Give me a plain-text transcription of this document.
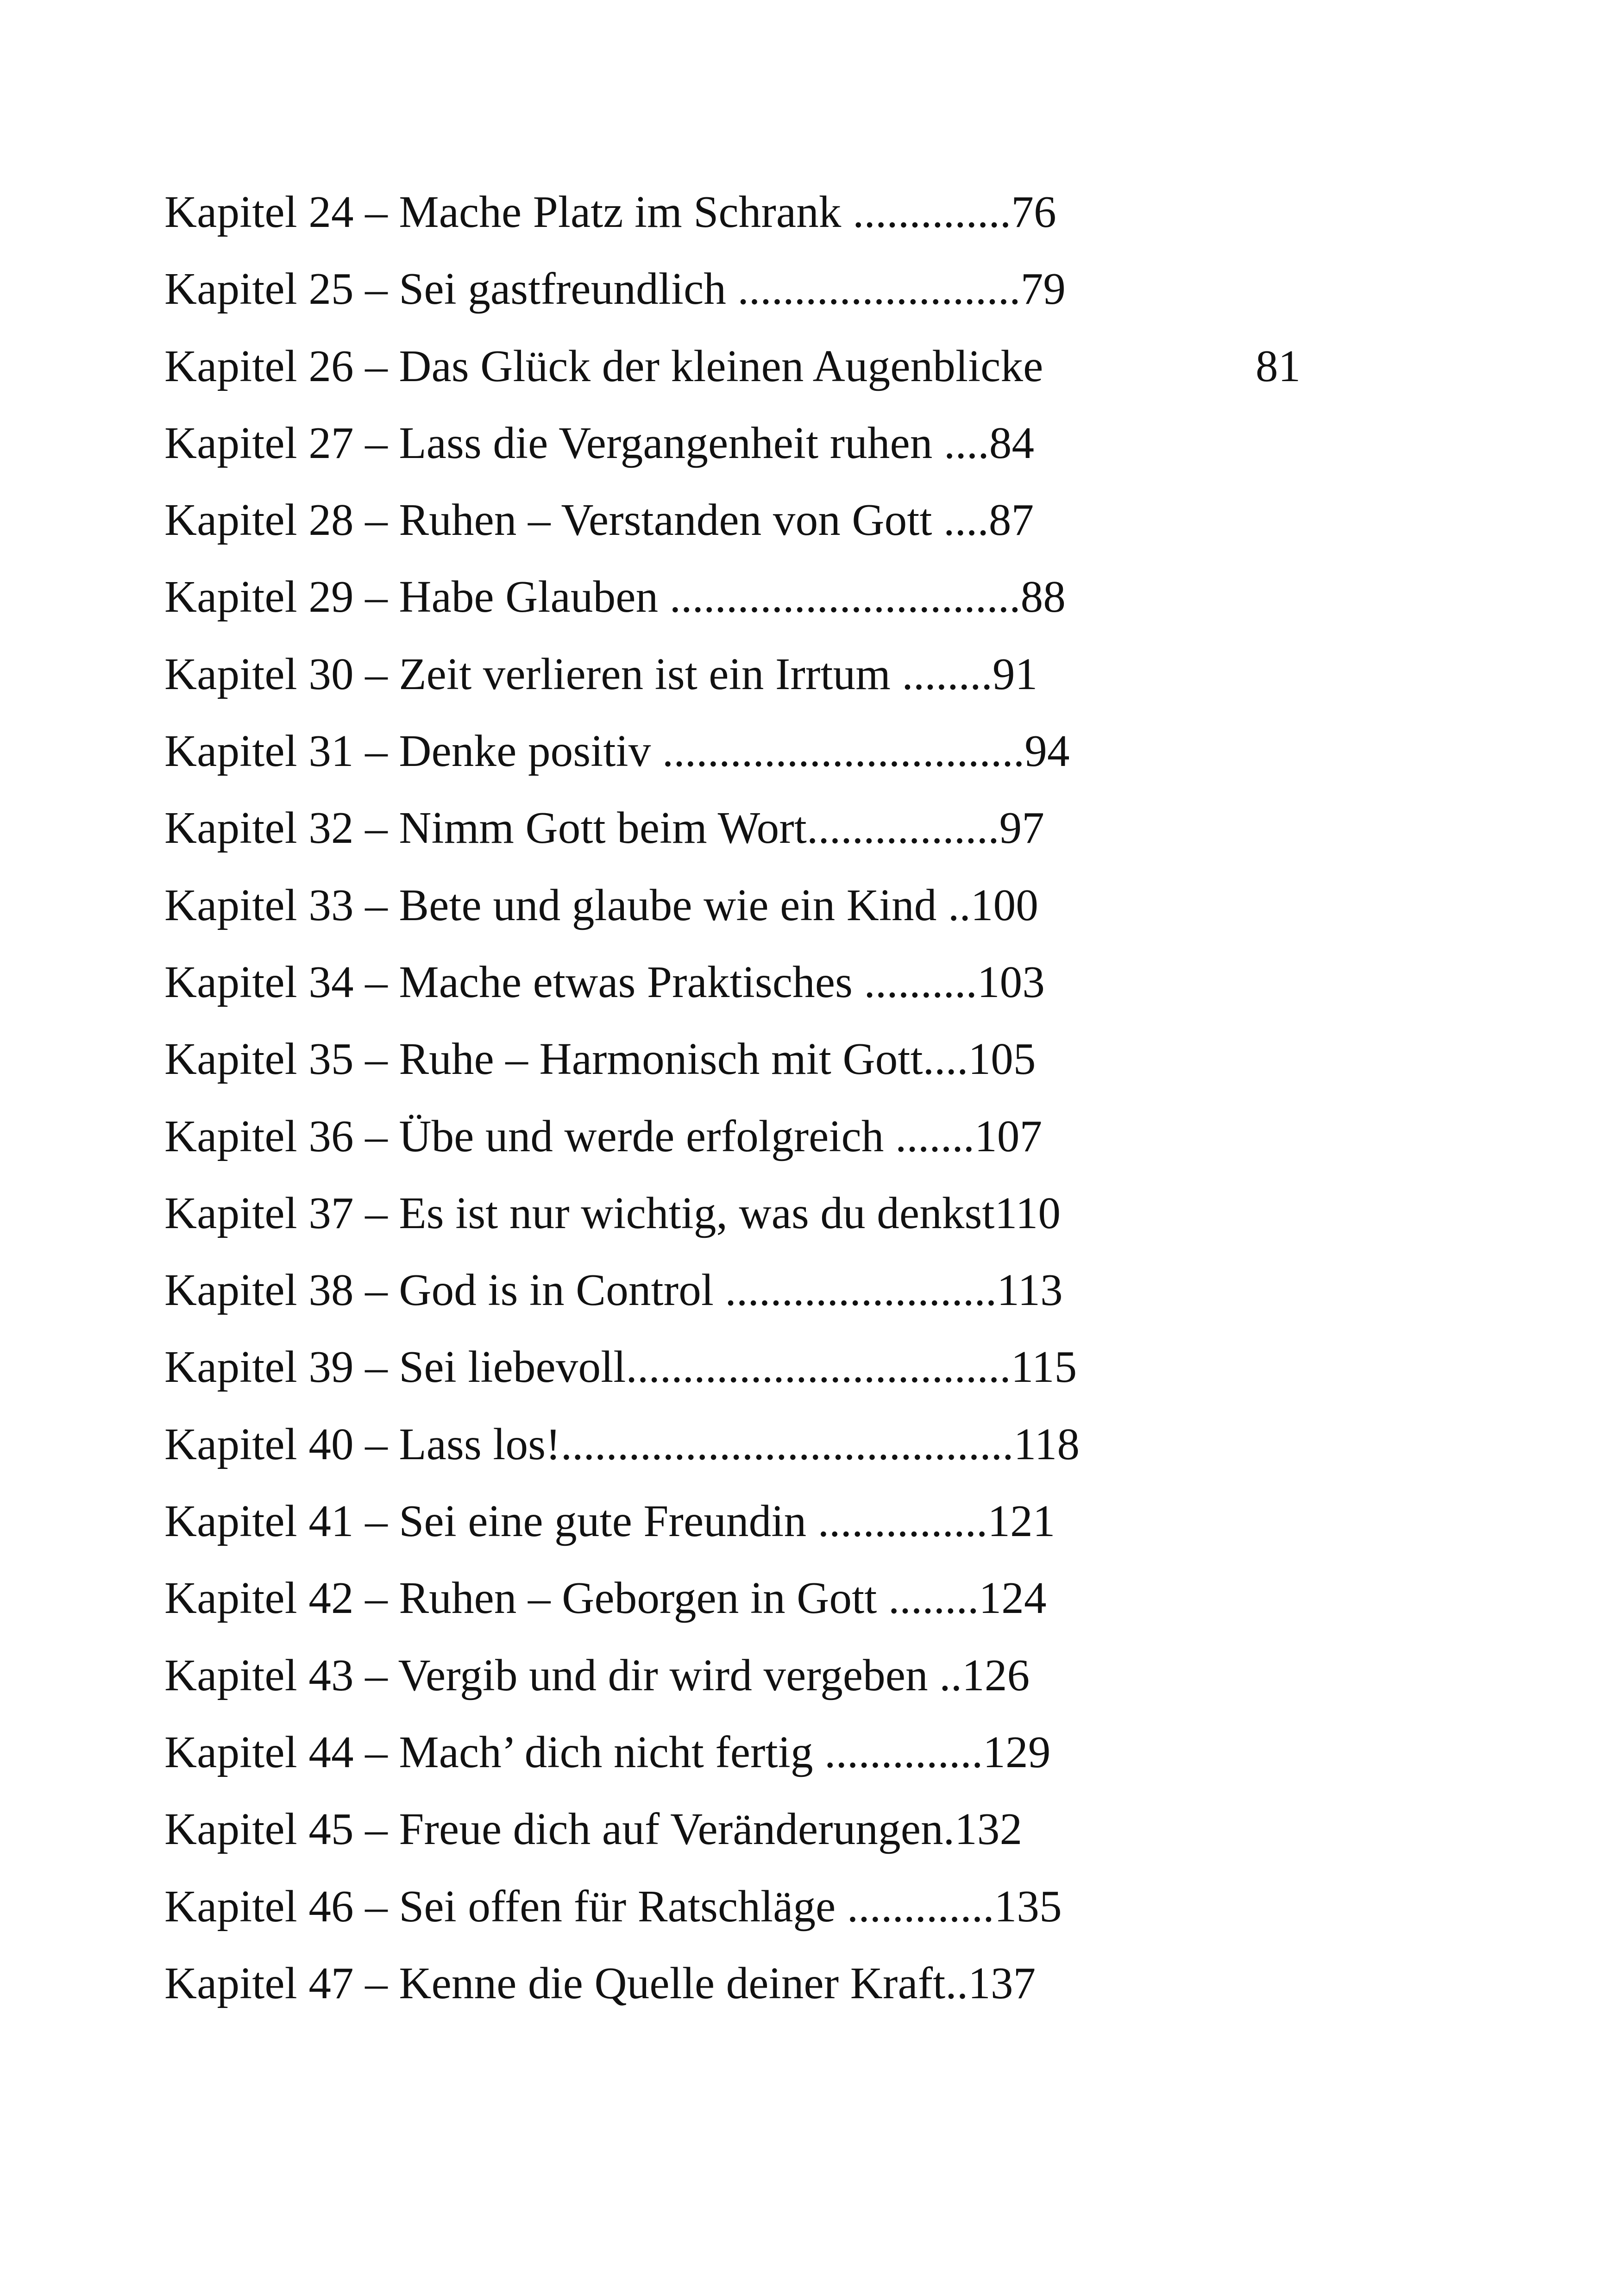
Kapitel 24 – Mache Platz im Schrank ..............76
Kapitel 25 – Sei gastfreundlich .........................79
Kapitel 26 – Das Glück der kleinen Augenblicke	81
Kapitel 27 – Lass die Vergangenheit ruhen ....84
Kapitel 28 – Ruhen – Verstanden von Gott ....87
Kapitel 29 – Habe Glauben ...............................88
Kapitel 30 – Zeit verlieren ist ein Irrtum ........91
Kapitel 31 – Denke positiv ................................94
Kapitel 32 – Nimm Gott beim Wort.................97
Kapitel 33 – Bete und glaube wie ein Kind ..100
Kapitel 34 – Mache etwas Praktisches ..........103
Kapitel 35 – Ruhe – Harmonisch mit Gott....105
Kapitel 36 – Übe und werde erfolgreich .......107
Kapitel 37 – Es ist nur wichtig, was du denkst110
Kapitel 38 – God is in Control ........................113
Kapitel 39 – Sei liebevoll..................................115
Kapitel 40 – Lass los!........................................118
Kapitel 41 – Sei eine gute Freundin ...............121
Kapitel 42 – Ruhen – Geborgen in Gott ........124
Kapitel 43 – Vergib und dir wird vergeben ..126
Kapitel 44 – Mach’ dich nicht fertig ..............129
Kapitel 45 – Freue dich auf Veränderungen.132
Kapitel 46 – Sei offen für Ratschläge .............135
Kapitel 47 – Kenne die Quelle deiner Kraft..137
